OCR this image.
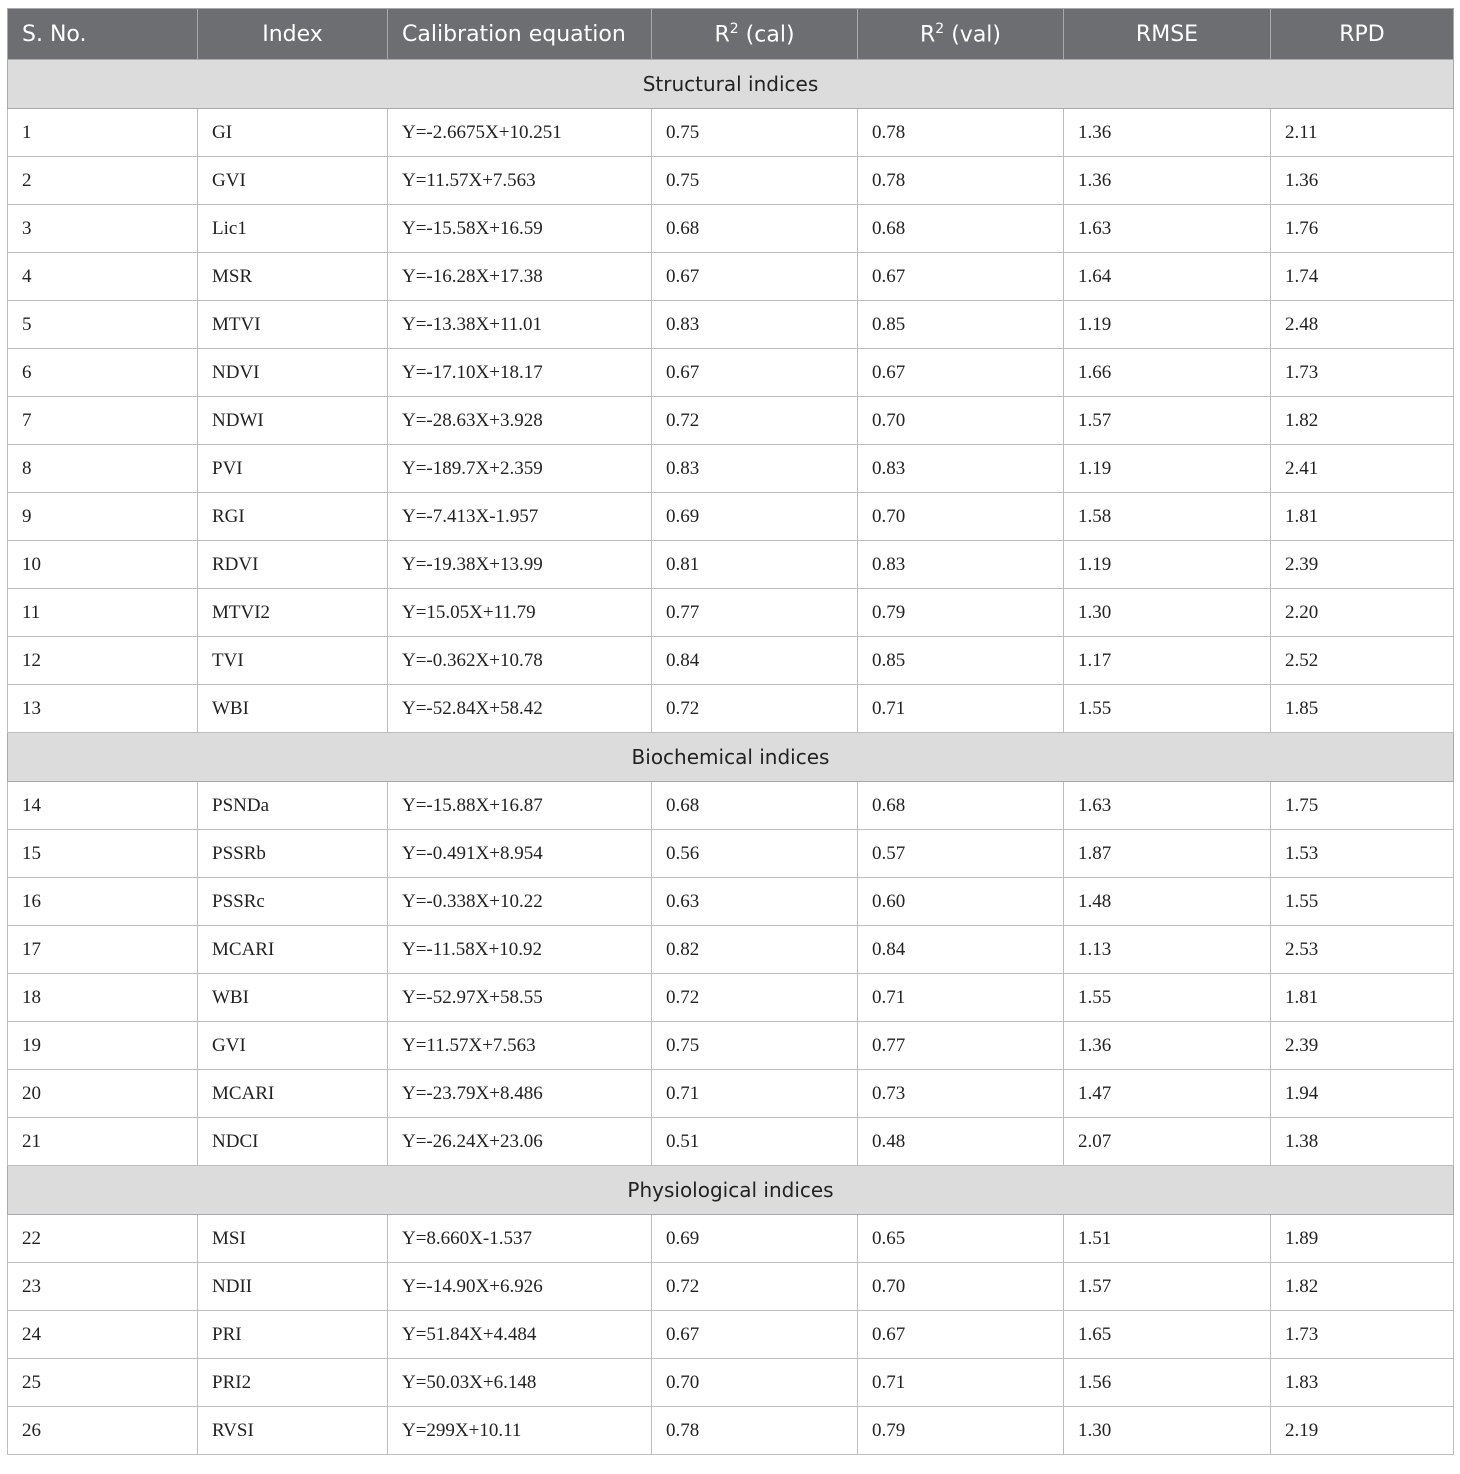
S. No.	Index	Calibration equation	$R^2$ (cal)	$R^2$ (val)	RMSE	RPD
Structural indices						
1	GI	Y=-2.6675X+10.251	0.75	0.78	1.36	2.11
2	GVI	Y=11.57X+7.563	0.75	0.78	1.36	1.36
3	Lic1	Y=-15.58X+16.59	0.68	0.68	1.63	1.76
4	MSR	Y=-16.28X+17.38	0.67	0.67	1.64	1.74
5	MTVI	Y=-13.38X+11.01	0.83	0.85	1.19	2.48
6	NDVI	Y=-17.10X+18.17	0.67	0.67	1.66	1.73
7	NDWI	Y=-28.63X+3.928	0.72	0.70	1.57	1.82
8	PVI	Y=-189.7X+2.359	0.83	0.83	1.19	2.41
9	RGI	Y=-7.413X-1.957	0.69	0.70	1.58	1.81
10	RDVI	Y=-19.38X+13.99	0.81	0.83	1.19	2.39
11	MTVI2	Y=15.05X+11.79	0.77	0.79	1.30	2.20
12	TVI	Y=-0.362X+10.78	0.84	0.85	1.17	2.52
13	WBI	Y=-52.84X+58.42	0.72	0.71	1.55	1.85
Biochemical indices						
14	PSNDa	Y=-15.88X+16.87	0.68	0.68	1.63	1.75
15	PSSRb	Y=-0.491X+8.954	0.56	0.57	1.87	1.53
16	PSSRc	Y=-0.338X+10.22	0.63	0.60	1.48	1.55
17	MCARI	Y=-11.58X+10.92	0.82	0.84	1.13	2.53
18	WBI	Y=-52.97X+58.55	0.72	0.71	1.55	1.81
19	GVI	Y=11.57X+7.563	0.75	0.77	1.36	2.39
20	MCARI	Y=-23.79X+8.486	0.71	0.73	1.47	1.94
21	NDCI	Y=-26.24X+23.06	0.51	0.48	2.07	1.38
Physiological indices						
22	MSI	Y=8.660X-1.537	0.69	0.65	1.51	1.89
23	NDII	Y=-14.90X+6.926	0.72	0.70	1.57	1.82
24	PRI	Y=51.84X+4.484	0.67	0.67	1.65	1.73
25	PRI2	Y=50.03X+6.148	0.70	0.71	1.56	1.83
26	RVSI	Y=299X+10.11	0.78	0.79	1.30	2.19
